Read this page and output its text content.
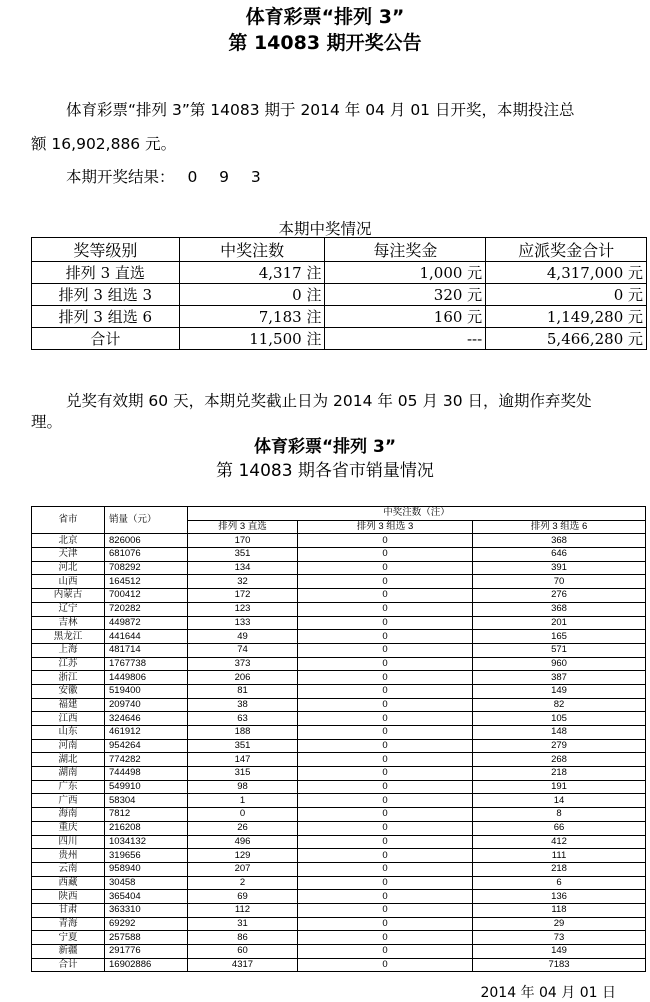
体育彩票“排列 3”
第 14083 期开奖公告
体育彩票“排列 3”第 14083 期于 2014 年 04 月 01 日开奖，本期投注总
额 16,902,886 元。
本期开奖结果： 0  9  3
本期中奖情况
奖等级别	中奖注数	每注奖金	应派奖金合计
排列 3 直选	4,317 注	1,000 元	4,317,000 元
排列 3 组选 3	0 注	320 元	0 元
排列 3 组选 6	7,183 注	160 元	1,149,280 元
合计	11,500 注	---	5,466,280 元
兑奖有效期 60 天，本期兑奖截止日为 2014 年 05 月 30 日，逾期作弃奖处
理。
体育彩票“排列 3”
第 14083 期各省市销量情况
省市	销量（元）	中奖注数（注）		
		排列 3 直选	排列 3 组选 3	排列 3 组选 6
北京	826006	170	0	368
天津	681076	351	0	646
河北	708292	134	0	391
山西	164512	32	0	70
内蒙古	700412	172	0	276
辽宁	720282	123	0	368
吉林	449872	133	0	201
黑龙江	441644	49	0	165
上海	481714	74	0	571
江苏	1767738	373	0	960
浙江	1449806	206	0	387
安徽	519400	81	0	149
福建	209740	38	0	82
江西	324646	63	0	105
山东	461912	188	0	148
河南	954264	351	0	279
湖北	774282	147	0	268
湖南	744498	315	0	218
广东	549910	98	0	191
广西	58304	1	0	14
海南	7812	0	0	8
重庆	216208	26	0	66
四川	1034132	496	0	412
贵州	319656	129	0	111
云南	958940	207	0	218
西藏	30458	2	0	6
陕西	365404	69	0	136
甘肃	363310	112	0	118
青海	69292	31	0	29
宁夏	257588	86	0	73
新疆	291776	60	0	149
合计	16902886	4317	0	7183
2014 年 04 月 01 日
